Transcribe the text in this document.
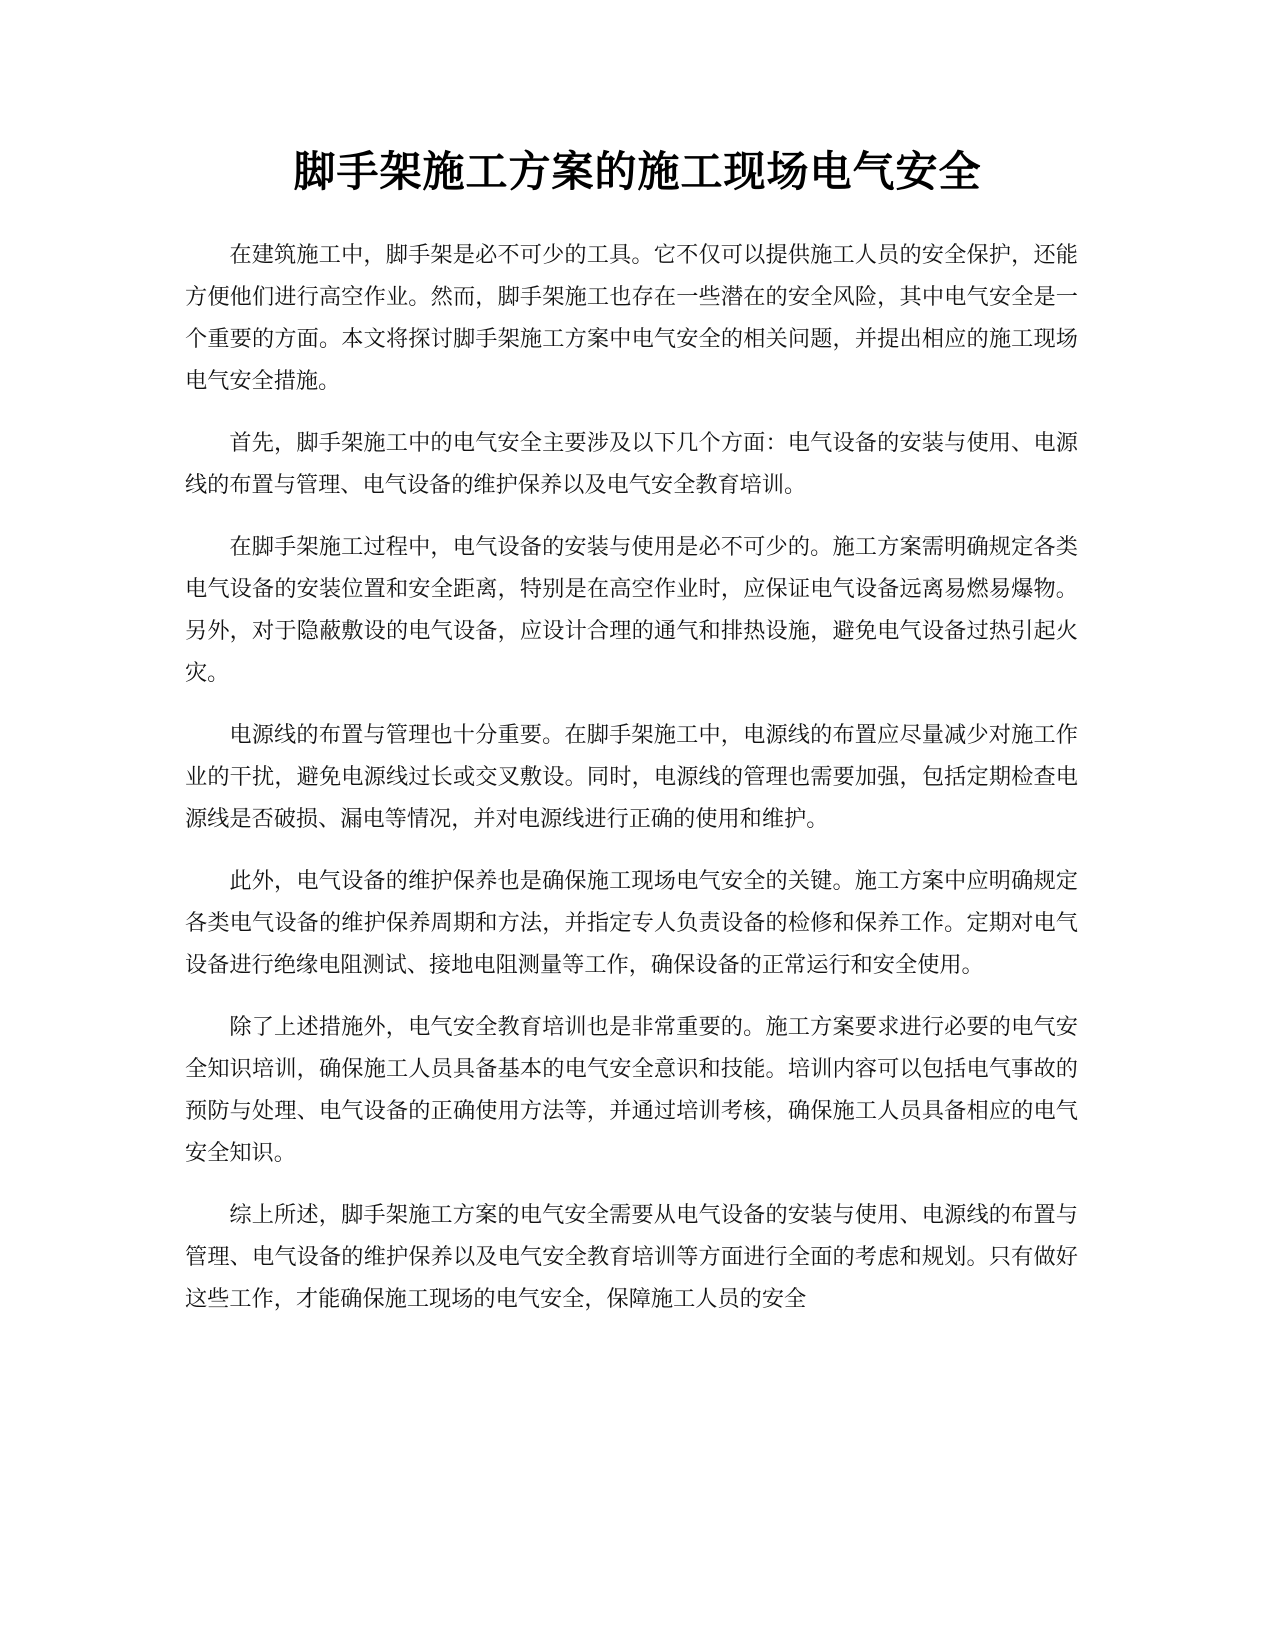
脚手架施工方案的施工现场电气安全

在建筑施工中，脚手架是必不可少的工具。它不仅可以提供施工人员的安全保护，还能方便他们进行高空作业。然而，脚手架施工也存在一些潜在的安全风险，其中电气安全是一个重要的方面。本文将探讨脚手架施工方案中电气安全的相关问题，并提出相应的施工现场电气安全措施。

首先，脚手架施工中的电气安全主要涉及以下几个方面：电气设备的安装与使用、电源线的布置与管理、电气设备的维护保养以及电气安全教育培训。

在脚手架施工过程中，电气设备的安装与使用是必不可少的。施工方案需明确规定各类电气设备的安装位置和安全距离，特别是在高空作业时，应保证电气设备远离易燃易爆物。另外，对于隐蔽敷设的电气设备，应设计合理的通气和排热设施，避免电气设备过热引起火灾。

电源线的布置与管理也十分重要。在脚手架施工中，电源线的布置应尽量减少对施工作业的干扰，避免电源线过长或交叉敷设。同时，电源线的管理也需要加强，包括定期检查电源线是否破损、漏电等情况，并对电源线进行正确的使用和维护。

此外，电气设备的维护保养也是确保施工现场电气安全的关键。施工方案中应明确规定各类电气设备的维护保养周期和方法，并指定专人负责设备的检修和保养工作。定期对电气设备进行绝缘电阻测试、接地电阻测量等工作，确保设备的正常运行和安全使用。

除了上述措施外，电气安全教育培训也是非常重要的。施工方案要求进行必要的电气安全知识培训，确保施工人员具备基本的电气安全意识和技能。培训内容可以包括电气事故的预防与处理、电气设备的正确使用方法等，并通过培训考核，确保施工人员具备相应的电气安全知识。

综上所述，脚手架施工方案的电气安全需要从电气设备的安装与使用、电源线的布置与管理、电气设备的维护保养以及电气安全教育培训等方面进行全面的考虑和规划。只有做好这些工作，才能确保施工现场的电气安全，保障施工人员的安全
